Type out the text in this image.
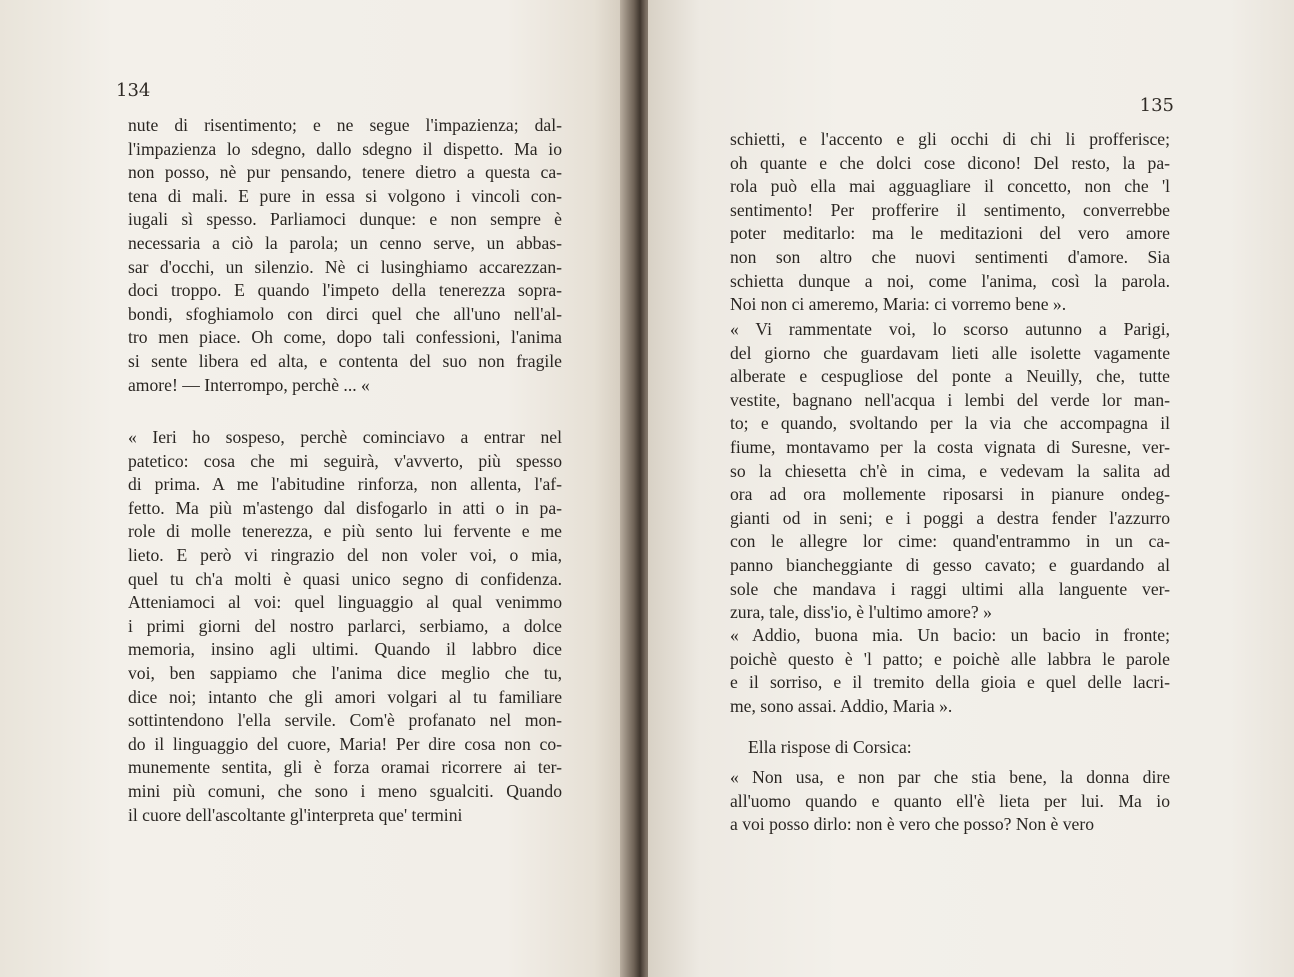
134
nute di risentimento; e ne segue l'impazienza; dal-
l'impazienza lo sdegno, dallo sdegno il dispetto. Ma io
non posso, nè pur pensando, tenere dietro a questa ca-
tena di mali. E pure in essa si volgono i vincoli con-
iugali sì spesso. Parliamoci dunque: e non sempre è
necessaria a ciò la parola; un cenno serve, un abbas-
sar d'occhi, un silenzio. Nè ci lusinghiamo accarezzan-
doci troppo. E quando l'impeto della tenerezza sopra-
bondi, sfoghiamolo con dirci quel che all'uno nell'al-
tro men piace. Oh come, dopo tali confessioni, l'anima
si sente libera ed alta, e contenta del suo non fragile
amore! — Interrompo, perchè ... «
« Ieri ho sospeso, perchè cominciavo a entrar nel
patetico: cosa che mi seguirà, v'avverto, più spesso
di prima. A me l'abitudine rinforza, non allenta, l'af-
fetto. Ma più m'astengo dal disfogarlo in atti o in pa-
role di molle tenerezza, e più sento lui fervente e me
lieto. E però vi ringrazio del non voler voi, o mia,
quel tu ch'a molti è quasi unico segno di confidenza.
Atteniamoci al voi: quel linguaggio al qual venimmo
i primi giorni del nostro parlarci, serbiamo, a dolce
memoria, insino agli ultimi. Quando il labbro dice
voi, ben sappiamo che l'anima dice meglio che tu,
dice noi; intanto che gli amori volgari al tu familiare
sottintendono l'ella servile. Com'è profanato nel mon-
do il linguaggio del cuore, Maria! Per dire cosa non co-
munemente sentita, gli è forza oramai ricorrere ai ter-
mini più comuni, che sono i meno sgualciti. Quando
il cuore dell'ascoltante gl'interpreta que' termini
135
schietti, e l'accento e gli occhi di chi li profferisce;
oh quante e che dolci cose dicono! Del resto, la pa-
rola può ella mai agguagliare il concetto, non che 'l
sentimento! Per profferire il sentimento, converrebbe
poter meditarlo: ma le meditazioni del vero amore
non son altro che nuovi sentimenti d'amore. Sia
schietta dunque a noi, come l'anima, così la parola.
Noi non ci ameremo, Maria: ci vorremo bene ».
« Vi rammentate voi, lo scorso autunno a Parigi,
del giorno che guardavam lieti alle isolette vagamente
alberate e cespugliose del ponte a Neuilly, che, tutte
vestite, bagnano nell'acqua i lembi del verde lor man-
to; e quando, svoltando per la via che accompagna il
fiume, montavamo per la costa vignata di Suresne, ver-
so la chiesetta ch'è in cima, e vedevam la salita ad
ora ad ora mollemente riposarsi in pianure ondeg-
gianti od in seni; e i poggi a destra fender l'azzurro
con le allegre lor cime: quand'entrammo in un ca-
panno biancheggiante di gesso cavato; e guardando al
sole che mandava i raggi ultimi alla languente ver-
zura, tale, diss'io, è l'ultimo amore? »
« Addio, buona mia. Un bacio: un bacio in fronte;
poichè questo è 'l patto; e poichè alle labbra le parole
e il sorriso, e il tremito della gioia e quel delle lacri-
me, sono assai. Addio, Maria ».
Ella rispose di Corsica:
« Non usa, e non par che stia bene, la donna dire
all'uomo quando e quanto ell'è lieta per lui. Ma io
a voi posso dirlo: non è vero che posso? Non è vero
